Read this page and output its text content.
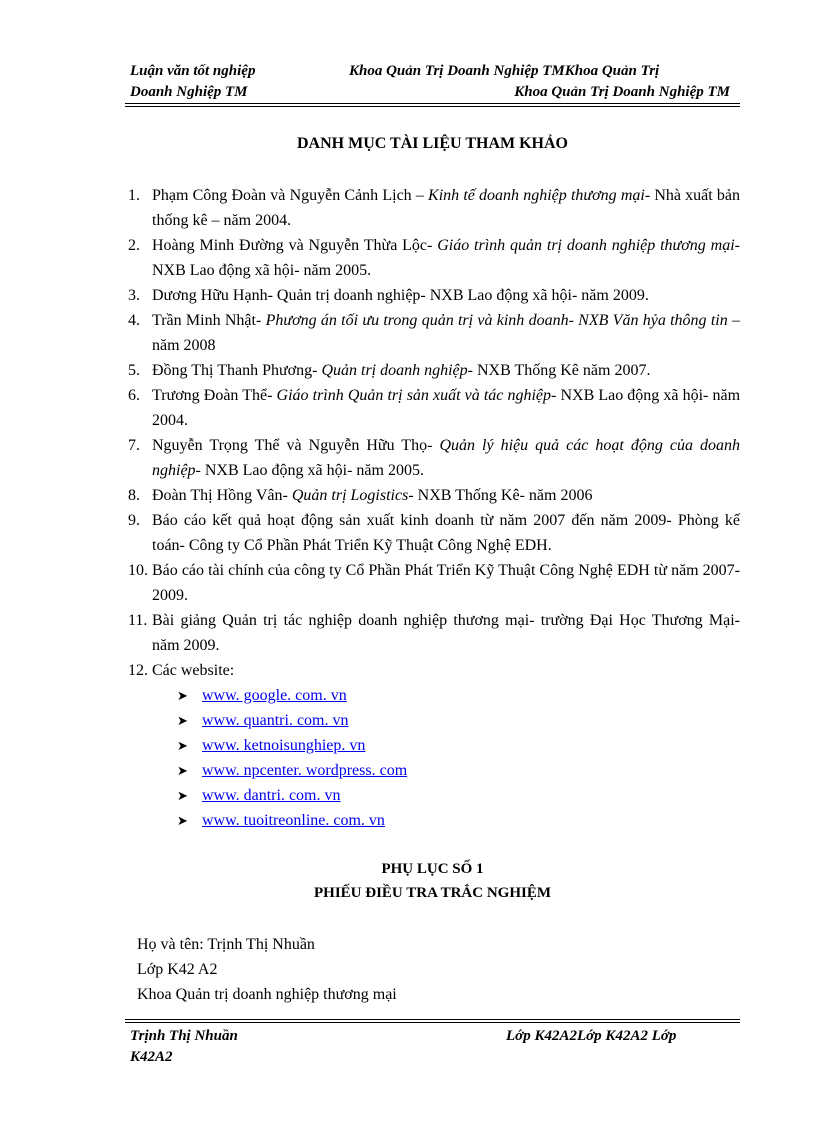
Luận văn tốt nghiệp	Khoa Quản Trị Doanh Nghiệp TMKhoa Quản Trị
Doanh Nghiệp TM	Khoa Quản Trị Doanh Nghiệp TM
DANH MỤC TÀI LIỆU THAM KHẢO
1. Phạm Công Đoàn và Nguyễn Cảnh Lịch – Kinh tế doanh nghiệp thương mại- Nhà xuất bản thống kê – năm 2004.
2. Hoàng Minh Đường và Nguyễn Thừa Lộc- Giáo trình quản trị doanh nghiệp thương mại- NXB Lao động xã hội- năm 2005.
3. Dương Hữu Hạnh- Quản trị doanh nghiệp- NXB Lao động xã hội- năm 2009.
4. Trần Minh Nhật- Phương án tối ưu trong quản trị và kinh doanh- NXB Văn hỷa thông tin – năm 2008
5. Đồng Thị Thanh Phương- Quản trị doanh nghiệp- NXB Thống Kê năm 2007.
6. Trương Đoàn Thể- Giáo trình Quản trị sản xuất và tác nghiệp- NXB Lao động xã hội- năm 2004.
7. Nguyễn Trọng Thể và Nguyễn Hữu Thọ- Quản lý hiệu quả các hoạt động của doanh nghiệp- NXB Lao động xã hội- năm 2005.
8. Đoàn Thị Hồng Vân- Quản trị Logistics- NXB Thống Kê- năm 2006
9. Báo cáo kết quả hoạt động sản xuất kinh doanh từ năm 2007 đến năm 2009- Phòng kế toán- Công ty Cổ Phần Phát Triển Kỹ Thuật Công Nghệ EDH.
10. Báo cáo tài chính của công ty Cổ Phần Phát Triển Kỹ Thuật Công Nghệ EDH từ năm 2007- 2009.
11. Bài giảng Quản trị tác nghiệp doanh nghiệp thương mại- trường Đại Học Thương Mại- năm 2009.
12. Các website:
➤ www. google. com. vn
➤ www. quantri. com. vn
➤ www. ketnoisunghiep. vn
➤ www. npcenter. wordpress. com
➤ www. dantri. com. vn
➤ www. tuoitreonline. com. vn
PHỤ LỤC SỐ 1
PHIẾU ĐIỀU TRA TRẮC NGHIỆM
Họ và tên: Trịnh Thị Nhuần
Lớp K42 A2
Khoa Quản trị doanh nghiệp thương mại
Trịnh Thị Nhuần	Lớp K42A2Lớp K42A2 Lớp
K42A2
